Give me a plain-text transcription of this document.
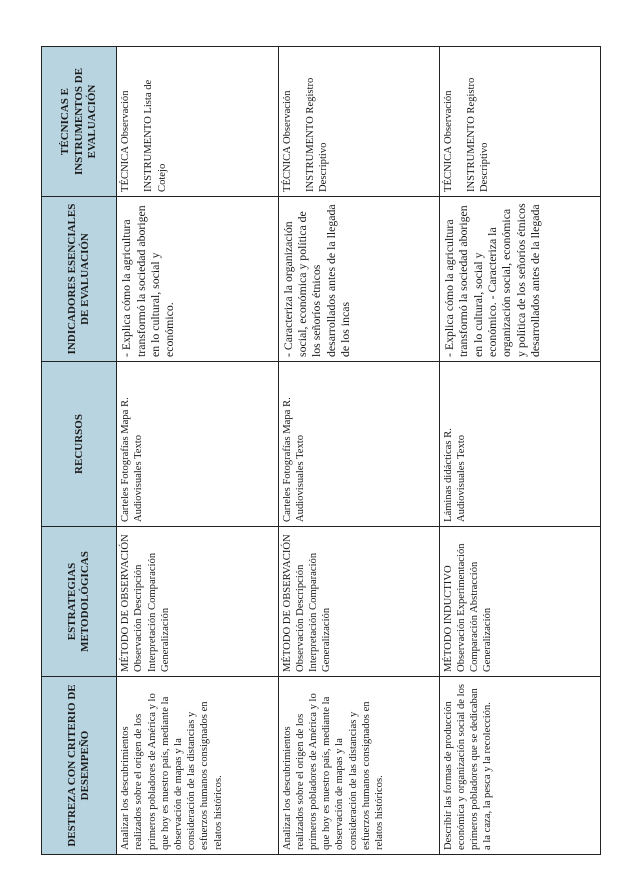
DESTREZA CON CRITERIO DE DESEMPEÑO	ESTRATEGIAS METODOLÓGICAS	RECURSOS	INDICADORES ESENCIALES DE EVALUACIÓN	TÉCNICAS E INSTRUMENTOS DE EVALUACIÓN
Analizar los descubrimientos realizados sobre el origen de los primeros pobladores de América y lo que hoy es nuestro país, mediante la observación de mapas y la consideración de las distancias y esfuerzos humanos consignados en relatos históricos.	MÉTODO DE OBSERVACIÓN Observación Descripción Interpretación Comparación Generalización	Carteles Fotografías Mapa R. Audiovisuales Texto	- Explica cómo la agricultura transformó la sociedad aborigen en lo cultural, social y económico.	TÉCNICA Observación INSTRUMENTO Lista de Cotejo

Analizar los descubrimientos realizados sobre el origen de los primeros pobladores de América y lo que hoy es nuestro país, mediante la observación de mapas y la consideración de las distancias y esfuerzos humanos consignados en relatos históricos.	MÉTODO DE OBSERVACIÓN Observación Descripción Interpretación Comparación Generalización	Carteles Fotografías Mapa R. Audiovisuales Texto	- Caracteriza la organización social, económica y política de los señoríos étnicos desarrollados antes de la llegada de los incas	TÉCNICA Observación INSTRUMENTO Registro Descriptivo

Describir las formas de producción económica y organización social de los primeros pobladores que se dedicaban a la caza, la pesca y la recolección.	MÉTODO INDUCTIVO Observación Experimentación Comparación Abstracción Generalización	Láminas didácticas R. Audiovisuales Texto	- Explica cómo la agricultura transformó la sociedad aborigen en lo cultural, social y económico. - Caracteriza la organización social, económica y política de los señoríos étnicos desarrollados antes de la llegada	TÉCNICA Observación INSTRUMENTO Registro Descriptivo
